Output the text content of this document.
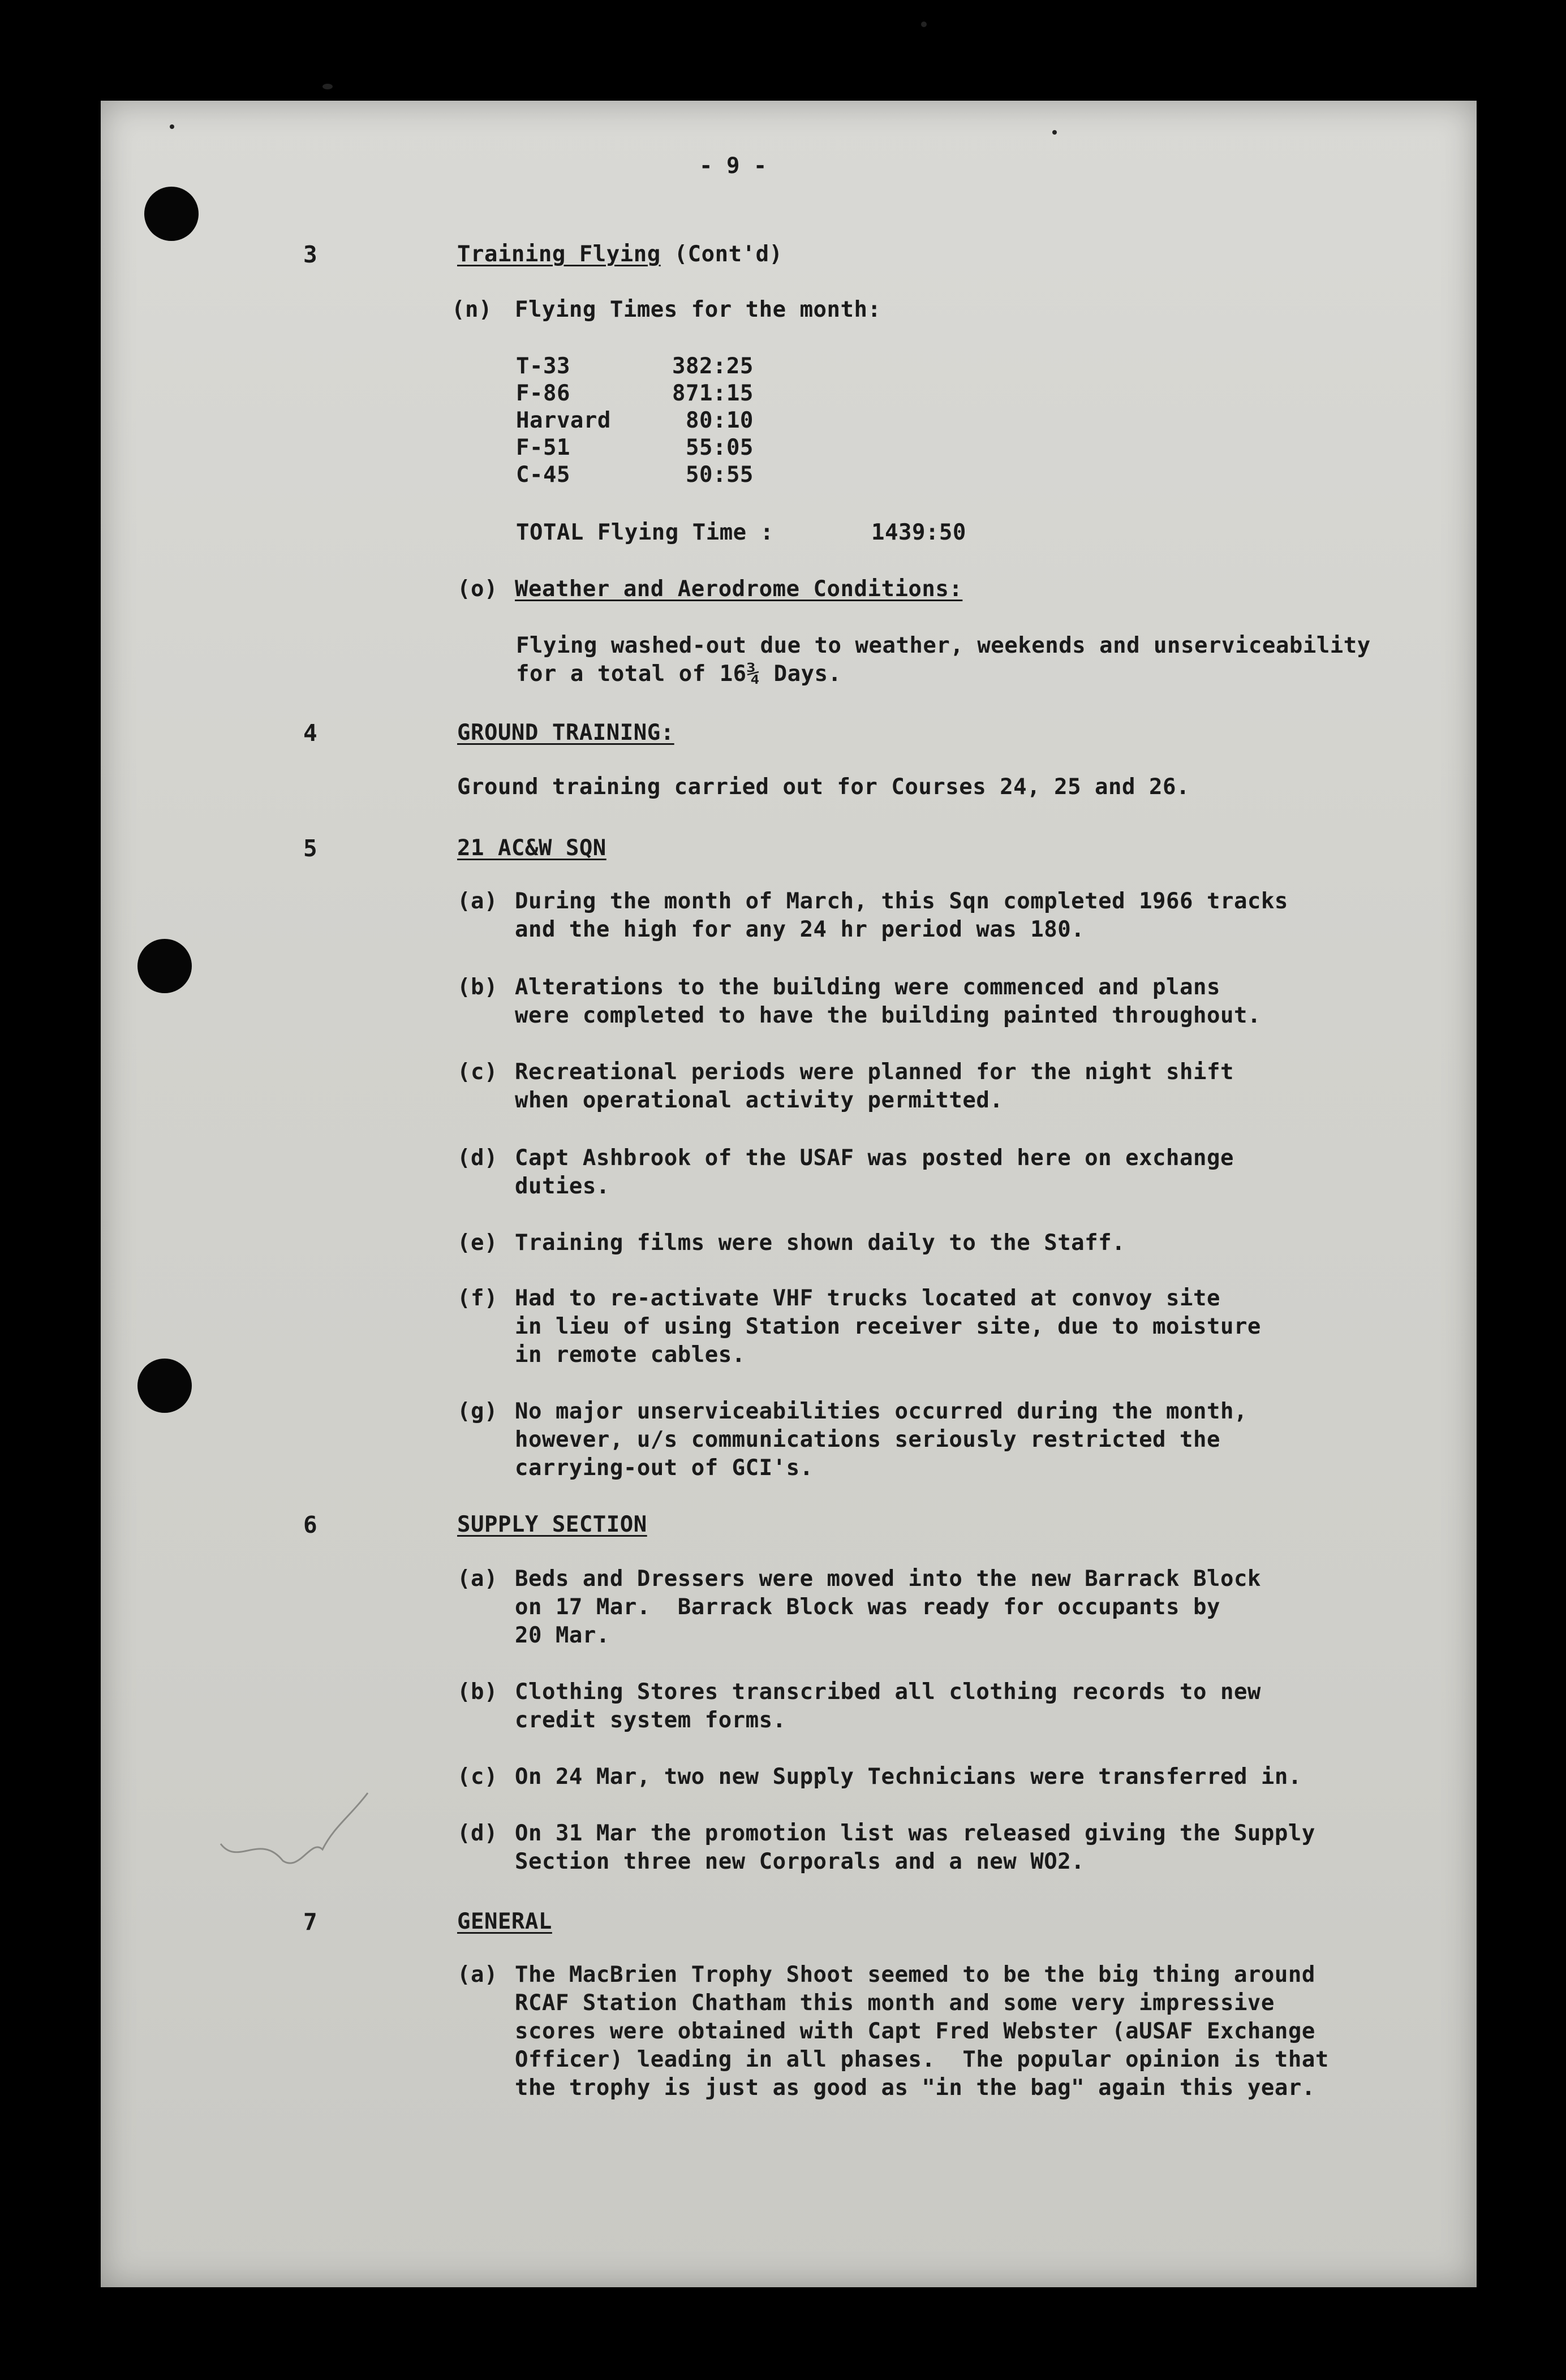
- 9 -
3	Training Flying (Cont'd)
(n) Flying Times for the month:
T-33	382:25
F-86	871:15
Harvard	80:10
F-51	55:05
C-45	50:55
TOTAL Flying Time :	1439:50
(o) Weather and Aerodrome Conditions:
Flying washed-out due to weather, weekends and unserviceability
for a total of 16¾ Days.
4	GROUND TRAINING:
Ground training carried out for Courses 24, 25 and 26.
5	21 AC&W SQN
(a) During the month of March, this Sqn completed 1966 tracks
and the high for any 24 hr period was 180.
(b) Alterations to the building were commenced and plans
were completed to have the building painted throughout.
(c) Recreational periods were planned for the night shift
when operational activity permitted.
(d) Capt Ashbrook of the USAF was posted here on exchange
duties.
(e) Training films were shown daily to the Staff.
(f) Had to re-activate VHF trucks located at convoy site
in lieu of using Station receiver site, due to moisture
in remote cables.
(g) No major unserviceabilities occurred during the month,
however, u/s communications seriously restricted the
carrying-out of GCI's.
6	SUPPLY SECTION
(a) Beds and Dressers were moved into the new Barrack Block
on 17 Mar.  Barrack Block was ready for occupants by
20 Mar.
(b) Clothing Stores transcribed all clothing records to new
credit system forms.
(c) On 24 Mar, two new Supply Technicians were transferred in.
(d) On 31 Mar the promotion list was released giving the Supply
Section three new Corporals and a new WO2.
7	GENERAL
(a) The MacBrien Trophy Shoot seemed to be the big thing around
RCAF Station Chatham this month and some very impressive
scores were obtained with Capt Fred Webster (aUSAF Exchange
Officer) leading in all phases.  The popular opinion is that
the trophy is just as good as "in the bag" again this year.
